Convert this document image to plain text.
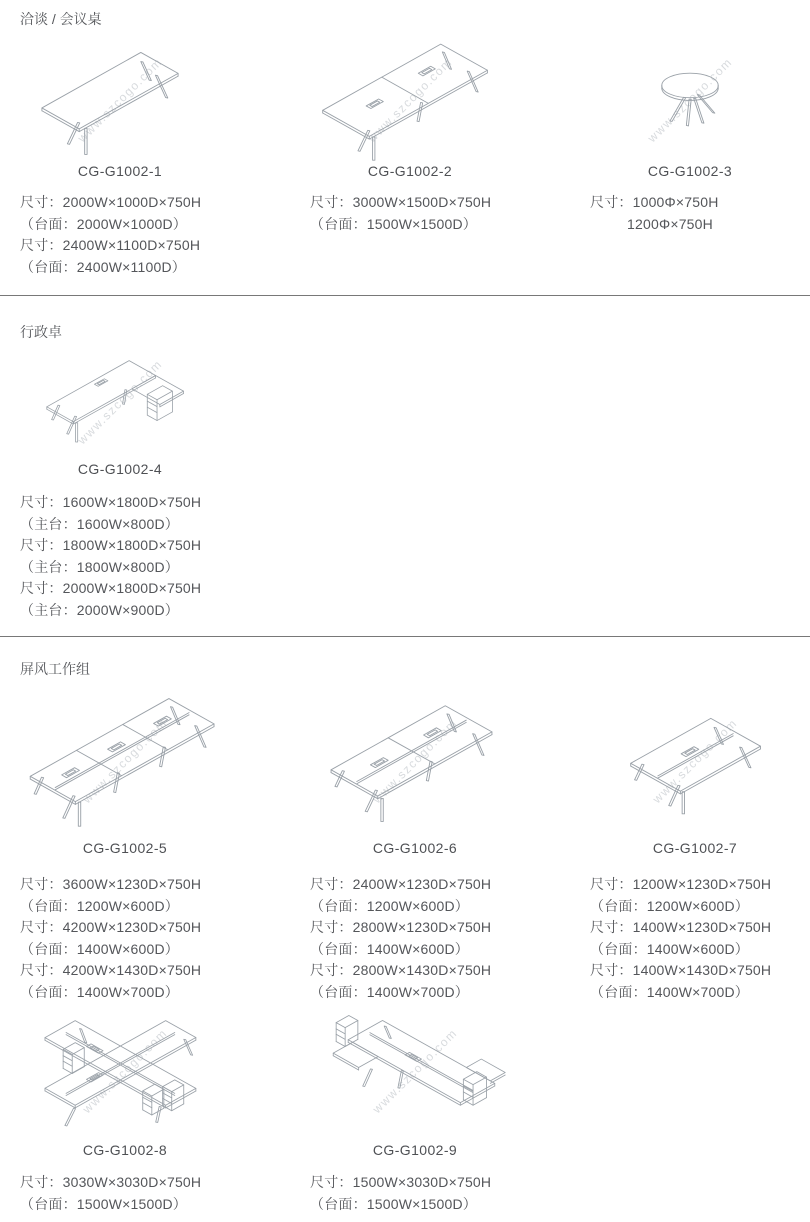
洽谈 / 会议桌
www.szcogo.com
CG-G1002-1
尺寸：2000W×1000D×750H
（台面：2000W×1000D）
尺寸：2400W×1100D×750H
（台面：2400W×1100D）
www.szcogo.com
CG-G1002-2
尺寸：3000W×1500D×750H
（台面：1500W×1500D）
www.szcogo.com
CG-G1002-3
尺寸：1000Φ×750H
1200Φ×750H
行政卓
www.szcogo.com
CG-G1002-4
尺寸：1600W×1800D×750H
（主台：1600W×800D）
尺寸：1800W×1800D×750H
（主台：1800W×800D）
尺寸：2000W×1800D×750H
（主台：2000W×900D）
屏风工作组
www.szcogo.com
CG-G1002-5
尺寸：3600W×1230D×750H
（台面：1200W×600D）
尺寸：4200W×1230D×750H
（台面：1400W×600D）
尺寸：4200W×1430D×750H
（台面：1400W×700D）
www.szcogo.com
CG-G1002-6
尺寸：2400W×1230D×750H
（台面：1200W×600D）
尺寸：2800W×1230D×750H
（台面：1400W×600D）
尺寸：2800W×1430D×750H
（台面：1400W×700D）
www.szcogo.com
CG-G1002-7
尺寸：1200W×1230D×750H
（台面：1200W×600D）
尺寸：1400W×1230D×750H
（台面：1400W×600D）
尺寸：1400W×1430D×750H
（台面：1400W×700D）
www.szcogo.com
CG-G1002-8
尺寸：3030W×3030D×750H
（台面：1500W×1500D）
www.szcogo.com
CG-G1002-9
尺寸：1500W×3030D×750H
（台面：1500W×1500D）
